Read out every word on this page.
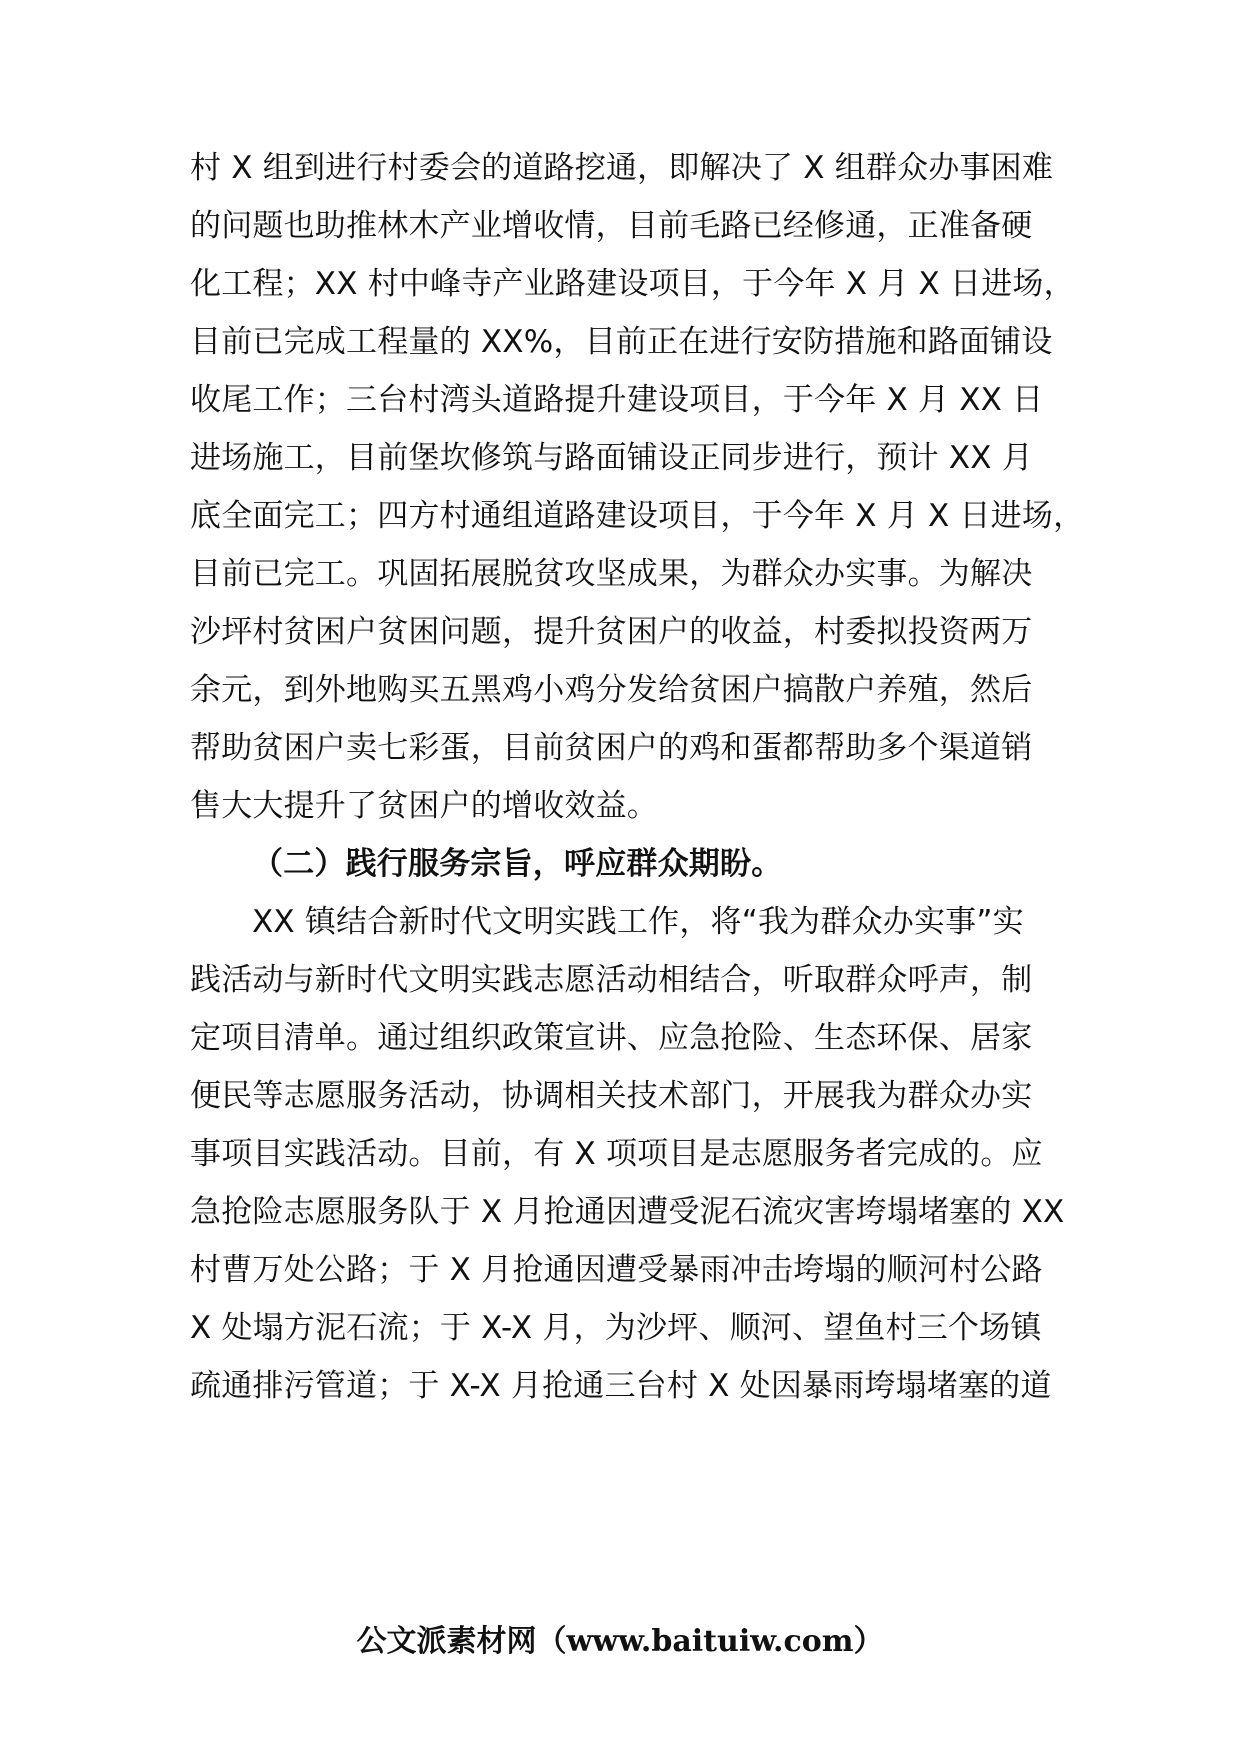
村 X 组到进行村委会的道路挖通，即解决了 X 组群众办事困难
的问题也助推林木产业增收情，目前毛路已经修通，正准备硬
化工程；XX 村中峰寺产业路建设项目，于今年 X 月 X 日进场，
目前已完成工程量的 XX%，目前正在进行安防措施和路面铺设
收尾工作；三台村湾头道路提升建设项目，于今年 X 月 XX 日
进场施工，目前堡坎修筑与路面铺设正同步进行，预计 XX 月
底全面完工；四方村通组道路建设项目，于今年 X 月 X 日进场，
目前已完工。巩固拓展脱贫攻坚成果，为群众办实事。为解决
沙坪村贫困户贫困问题，提升贫困户的收益，村委拟投资两万
余元，到外地购买五黑鸡小鸡分发给贫困户搞散户养殖，然后
帮助贫困户卖七彩蛋，目前贫困户的鸡和蛋都帮助多个渠道销
售大大提升了贫困户的增收效益。
（二）践行服务宗旨，呼应群众期盼。
XX 镇结合新时代文明实践工作，将“我为群众办实事”实
践活动与新时代文明实践志愿活动相结合，听取群众呼声，制
定项目清单。通过组织政策宣讲、应急抢险、生态环保、居家
便民等志愿服务活动，协调相关技术部门，开展我为群众办实
事项目实践活动。目前，有 X 项项目是志愿服务者完成的。应
急抢险志愿服务队于 X 月抢通因遭受泥石流灾害垮塌堵塞的 XX
村曹万处公路；于 X 月抢通因遭受暴雨冲击垮塌的顺河村公路
X 处塌方泥石流；于 X-X 月，为沙坪、顺河、望鱼村三个场镇
疏通排污管道；于 X-X 月抢通三台村 X 处因暴雨垮塌堵塞的道
公文派素材网（www.baituiw.com）
